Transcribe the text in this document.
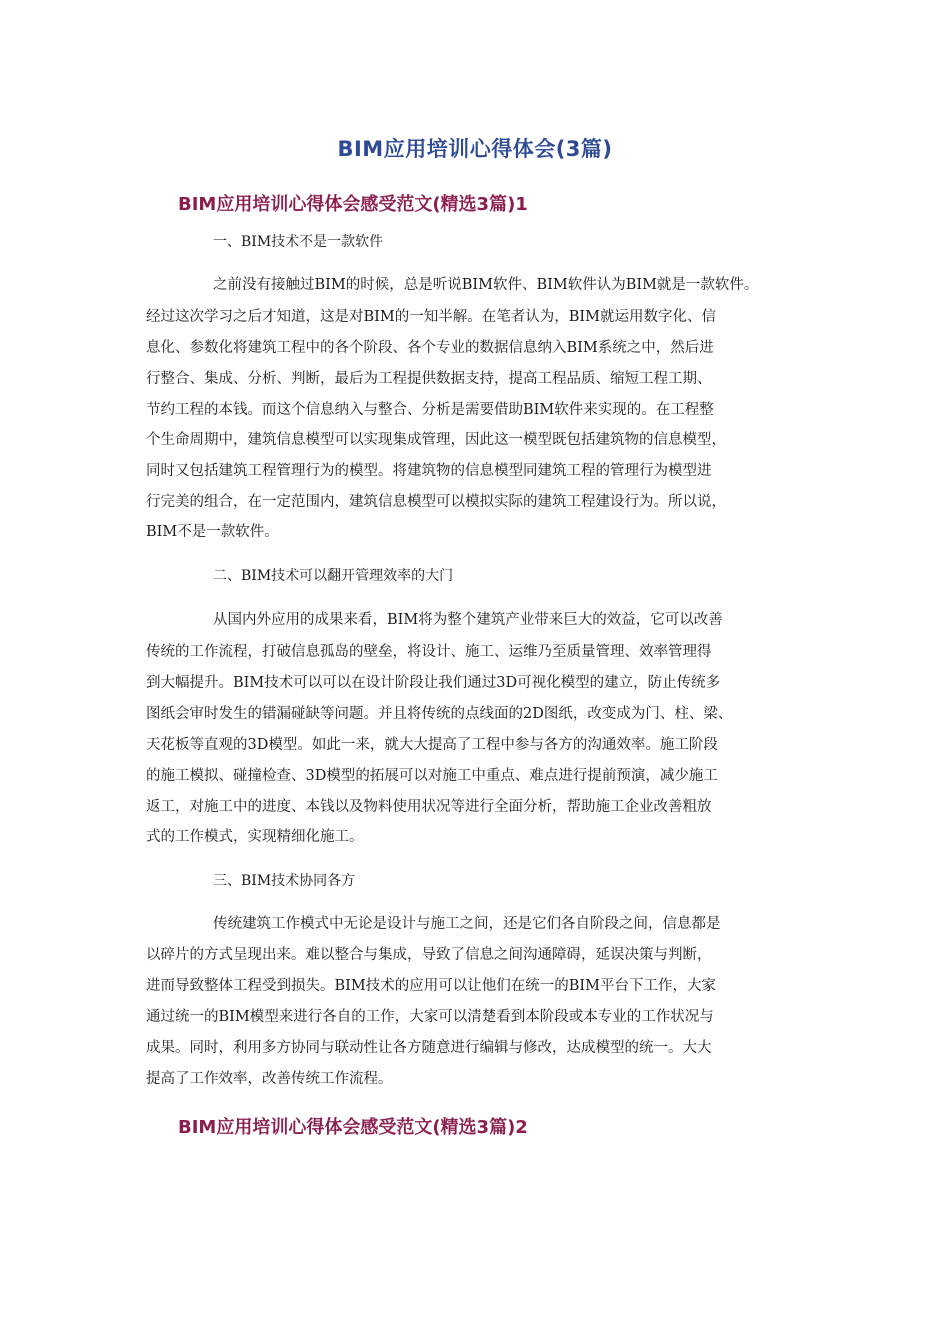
BIM应用培训心得体会(3篇)
BIM应用培训心得体会感受范文(精选3篇)1
一、BIM技术不是一款软件
之前没有接触过BIM的时候，总是听说BIM软件、BIM软件认为BIM就是一款软件。
经过这次学习之后才知道，这是对BIM的一知半解。在笔者认为，BIM就运用数字化、信
息化、参数化将建筑工程中的各个阶段、各个专业的数据信息纳入BIM系统之中，然后进
行整合、集成、分析、判断，最后为工程提供数据支持，提高工程品质、缩短工程工期、
节约工程的本钱。而这个信息纳入与整合、分析是需要借助BIM软件来实现的。在工程整
个生命周期中，建筑信息模型可以实现集成管理，因此这一模型既包括建筑物的信息模型，
同时又包括建筑工程管理行为的模型。将建筑物的信息模型同建筑工程的管理行为模型进
行完美的组合，在一定范围内，建筑信息模型可以模拟实际的建筑工程建设行为。所以说，
BIM不是一款软件。
二、BIM技术可以翻开管理效率的大门
从国内外应用的成果来看，BIM将为整个建筑产业带来巨大的效益，它可以改善
传统的工作流程，打破信息孤岛的壁垒，将设计、施工、运维乃至质量管理、效率管理得
到大幅提升。BIM技术可以可以在设计阶段让我们通过3D可视化模型的建立，防止传统多
图纸会审时发生的错漏碰缺等问题。并且将传统的点线面的2D图纸，改变成为门、柱、梁、
天花板等直观的3D模型。如此一来，就大大提高了工程中参与各方的沟通效率。施工阶段
的施工模拟、碰撞检查、3D模型的拓展可以对施工中重点、难点进行提前预演，减少施工
返工，对施工中的进度、本钱以及物料使用状况等进行全面分析，帮助施工企业改善粗放
式的工作模式，实现精细化施工。
三、BIM技术协同各方
传统建筑工作模式中无论是设计与施工之间，还是它们各自阶段之间，信息都是
以碎片的方式呈现出来。难以整合与集成，导致了信息之间沟通障碍，延误决策与判断，
进而导致整体工程受到损失。BIM技术的应用可以让他们在统一的BIM平台下工作，大家
通过统一的BIM模型来进行各自的工作，大家可以清楚看到本阶段或本专业的工作状况与
成果。同时，利用多方协同与联动性让各方随意进行编辑与修改，达成模型的统一。大大
提高了工作效率，改善传统工作流程。
BIM应用培训心得体会感受范文(精选3篇)2
